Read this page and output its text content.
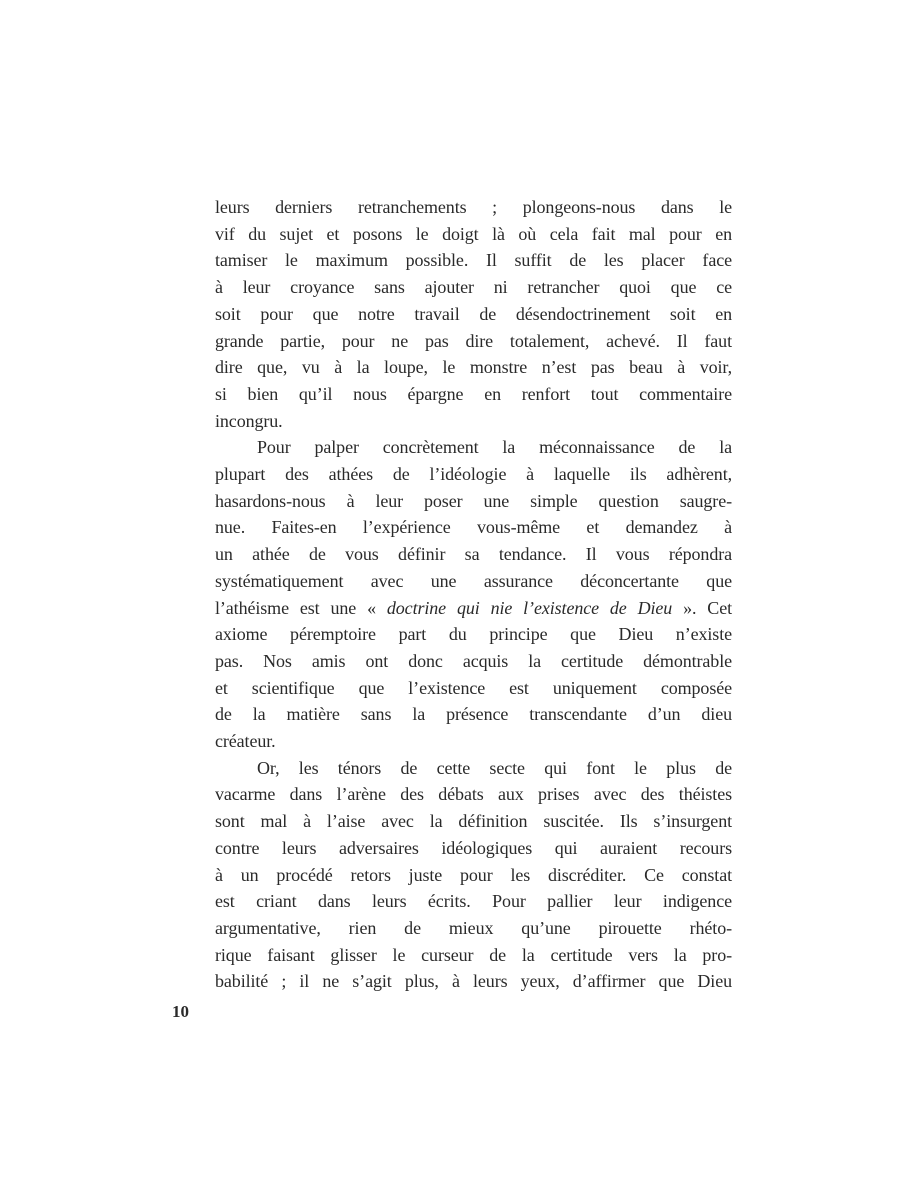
leurs derniers retranchements ; plongeons-nous dans le
vif du sujet et posons le doigt là où cela fait mal pour en
tamiser le maximum possible. Il suffit de les placer face
à leur croyance sans ajouter ni retrancher quoi que ce
soit pour que notre travail de désendoctrinement soit en
grande partie, pour ne pas dire totalement, achevé. Il faut
dire que, vu à la loupe, le monstre n’est pas beau à voir,
si bien qu’il nous épargne en renfort tout commentaire
incongru.
Pour palper concrètement la méconnaissance de la
plupart des athées de l’idéologie à laquelle ils adhèrent,
hasardons-nous à leur poser une simple question saugre-
nue. Faites-en l’expérience vous-même et demandez à
un athée de vous définir sa tendance. Il vous répondra
systématiquement avec une assurance déconcertante que
l’athéisme est une « doctrine qui nie l’existence de Dieu ». Cet
axiome péremptoire part du principe que Dieu n’existe
pas. Nos amis ont donc acquis la certitude démontrable
et scientifique que l’existence est uniquement composée
de la matière sans la présence transcendante d’un dieu
créateur.
Or, les ténors de cette secte qui font le plus de
vacarme dans l’arène des débats aux prises avec des théistes
sont mal à l’aise avec la définition suscitée. Ils s’insurgent
contre leurs adversaires idéologiques qui auraient recours
à un procédé retors juste pour les discréditer. Ce constat
est criant dans leurs écrits. Pour pallier leur indigence
argumentative, rien de mieux qu’une pirouette rhéto-
rique faisant glisser le curseur de la certitude vers la pro-
babilité ; il ne s’agit plus, à leurs yeux, d’affirmer que Dieu
10
